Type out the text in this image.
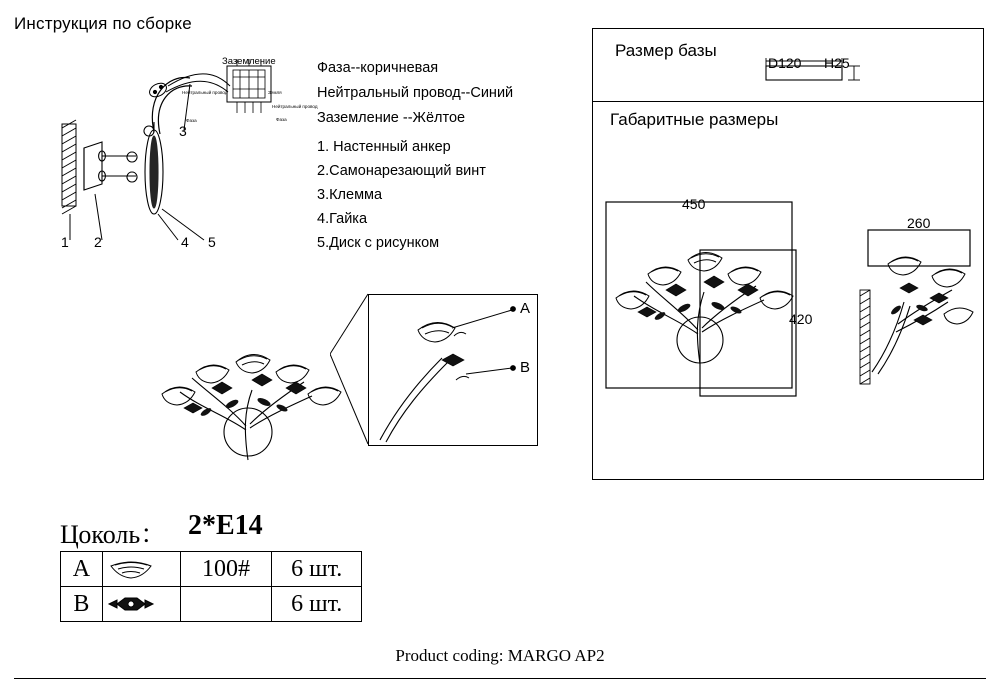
Инструкция по сборке
1 2
3
4 5
Заземление
Нейтральный провод
Фаза
Земля
Нейтральный провод
Фаза
Фаза--коричневая
Нейтральный провод--Синий
Заземление --Жёлтое
1. Настенный анкер
2.Самонарезающий винт
3.Клемма
4.Гайка
5.Диск с рисунком
A
B
Размер базы
D120 H25
Габаритные размеры
450
420
260
Цоколь： 2*E14
A		100#	6 шт.
B			6 шт.
Product coding: MARGO AP2
